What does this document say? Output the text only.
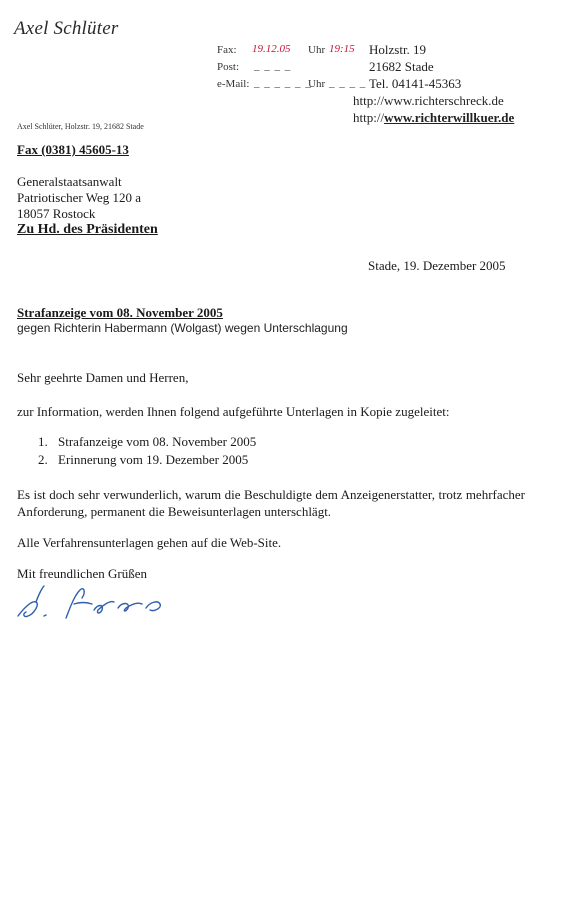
Axel Schlüter
Fax: 19.12.05 Uhr 19:15
Post: _ _ _ _
e-Mail: _ _ _ _ _ _
Uhr _ _ _ _
Holzstr. 19
21682 Stade
Tel. 04141-45363
http://www.richterschreck.de
http://www.richterwillkuer.de
Axel Schlüter, Holzstr. 19, 21682 Stade
Fax (0381) 45605-13
Generalstaatsanwalt
Patriotischer Weg 120 a
18057 Rostock
Zu Hd. des Präsidenten
Stade, 19. Dezember 2005
Strafanzeige vom 08. November 2005
gegen Richterin Habermann (Wolgast) wegen Unterschlagung
Sehr geehrte Damen und Herren,
zur Information, werden Ihnen folgend aufgeführte Unterlagen in Kopie zugeleitet:
1. Strafanzeige vom 08. November 2005
2. Erinnerung vom 19. Dezember 2005
Es ist doch sehr verwunderlich, warum die Beschuldigte dem Anzeigenerstatter, trotz mehrfacher Anforderung, permanent die Beweisunterlagen unterschlägt.
Alle Verfahrensunterlagen gehen auf die Web-Site.
Mit freundlichen Grüßen
